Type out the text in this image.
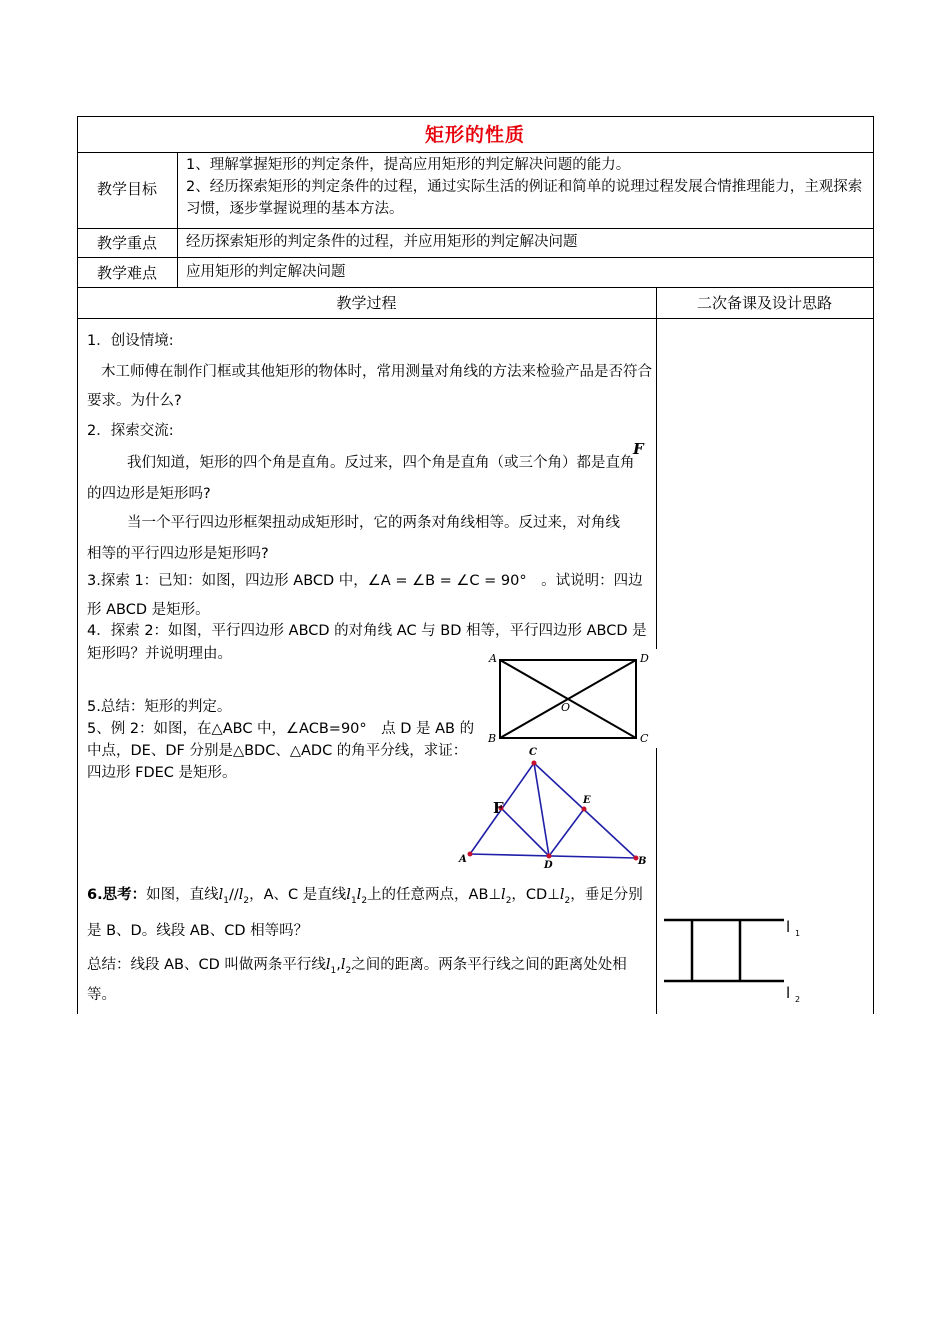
矩形的性质
教学目标
1、理解掌握矩形的判定条件，提高应用矩形的判定解决问题的能力。
2、经历探索矩形的判定条件的过程，通过实际生活的例证和简单的说理过程发展合情推理能力，主观探索习惯，逐步掌握说理的基本方法。
教学重点	经历探索矩形的判定条件的过程，并应用矩形的判定解决问题
教学难点	应用矩形的判定解决问题
教学过程	二次备课及设计思路
1．创设情境:
木工师傅在制作门框或其他矩形的物体时，常用测量对角线的方法来检验产品是否符合要求。为什么?
2．探索交流:
我们知道，矩形的四个角是直角。反过来，四个角是直角（或三个角）都是直角的四边形是矩形吗?
F
当一个平行四边形框架扭动成矩形时，它的两条对角线相等。反过来，对角线相等的平行四边形是矩形吗?
3.探索 1：已知：如图，四边形 ABCD 中，∠A = ∠B = ∠C = 90°　。试说明：四边形 ABCD 是矩形。
4．探索 2：如图，平行四边形 ABCD 的对角线 AC 与 BD 相等，平行四边形 ABCD 是矩形吗？并说明理由。	A	D
B	C
O
5.总结：矩形的判定。
5、例 2：如图，在△ABC 中，∠ACB=90°　点 D 是 AB 的中点，DE、DF 分别是△BDC、△ADC 的角平分线，求证：四边形 FDEC 是矩形。
C
E
F
A
D	B
6.思考：如图，直线$l_1//l_2$，A、C 是直线$l_1l_2$上的任意两点，$AB\perp l_2$，$CD\perp l_2$，垂足分别是 B、D。线段 AB、CD 相等吗？
总结：线段 AB、CD 叫做两条平行线$l_1,l_2$之间的距离。两条平行线之间的距离处处相等。
l 1
l 2
